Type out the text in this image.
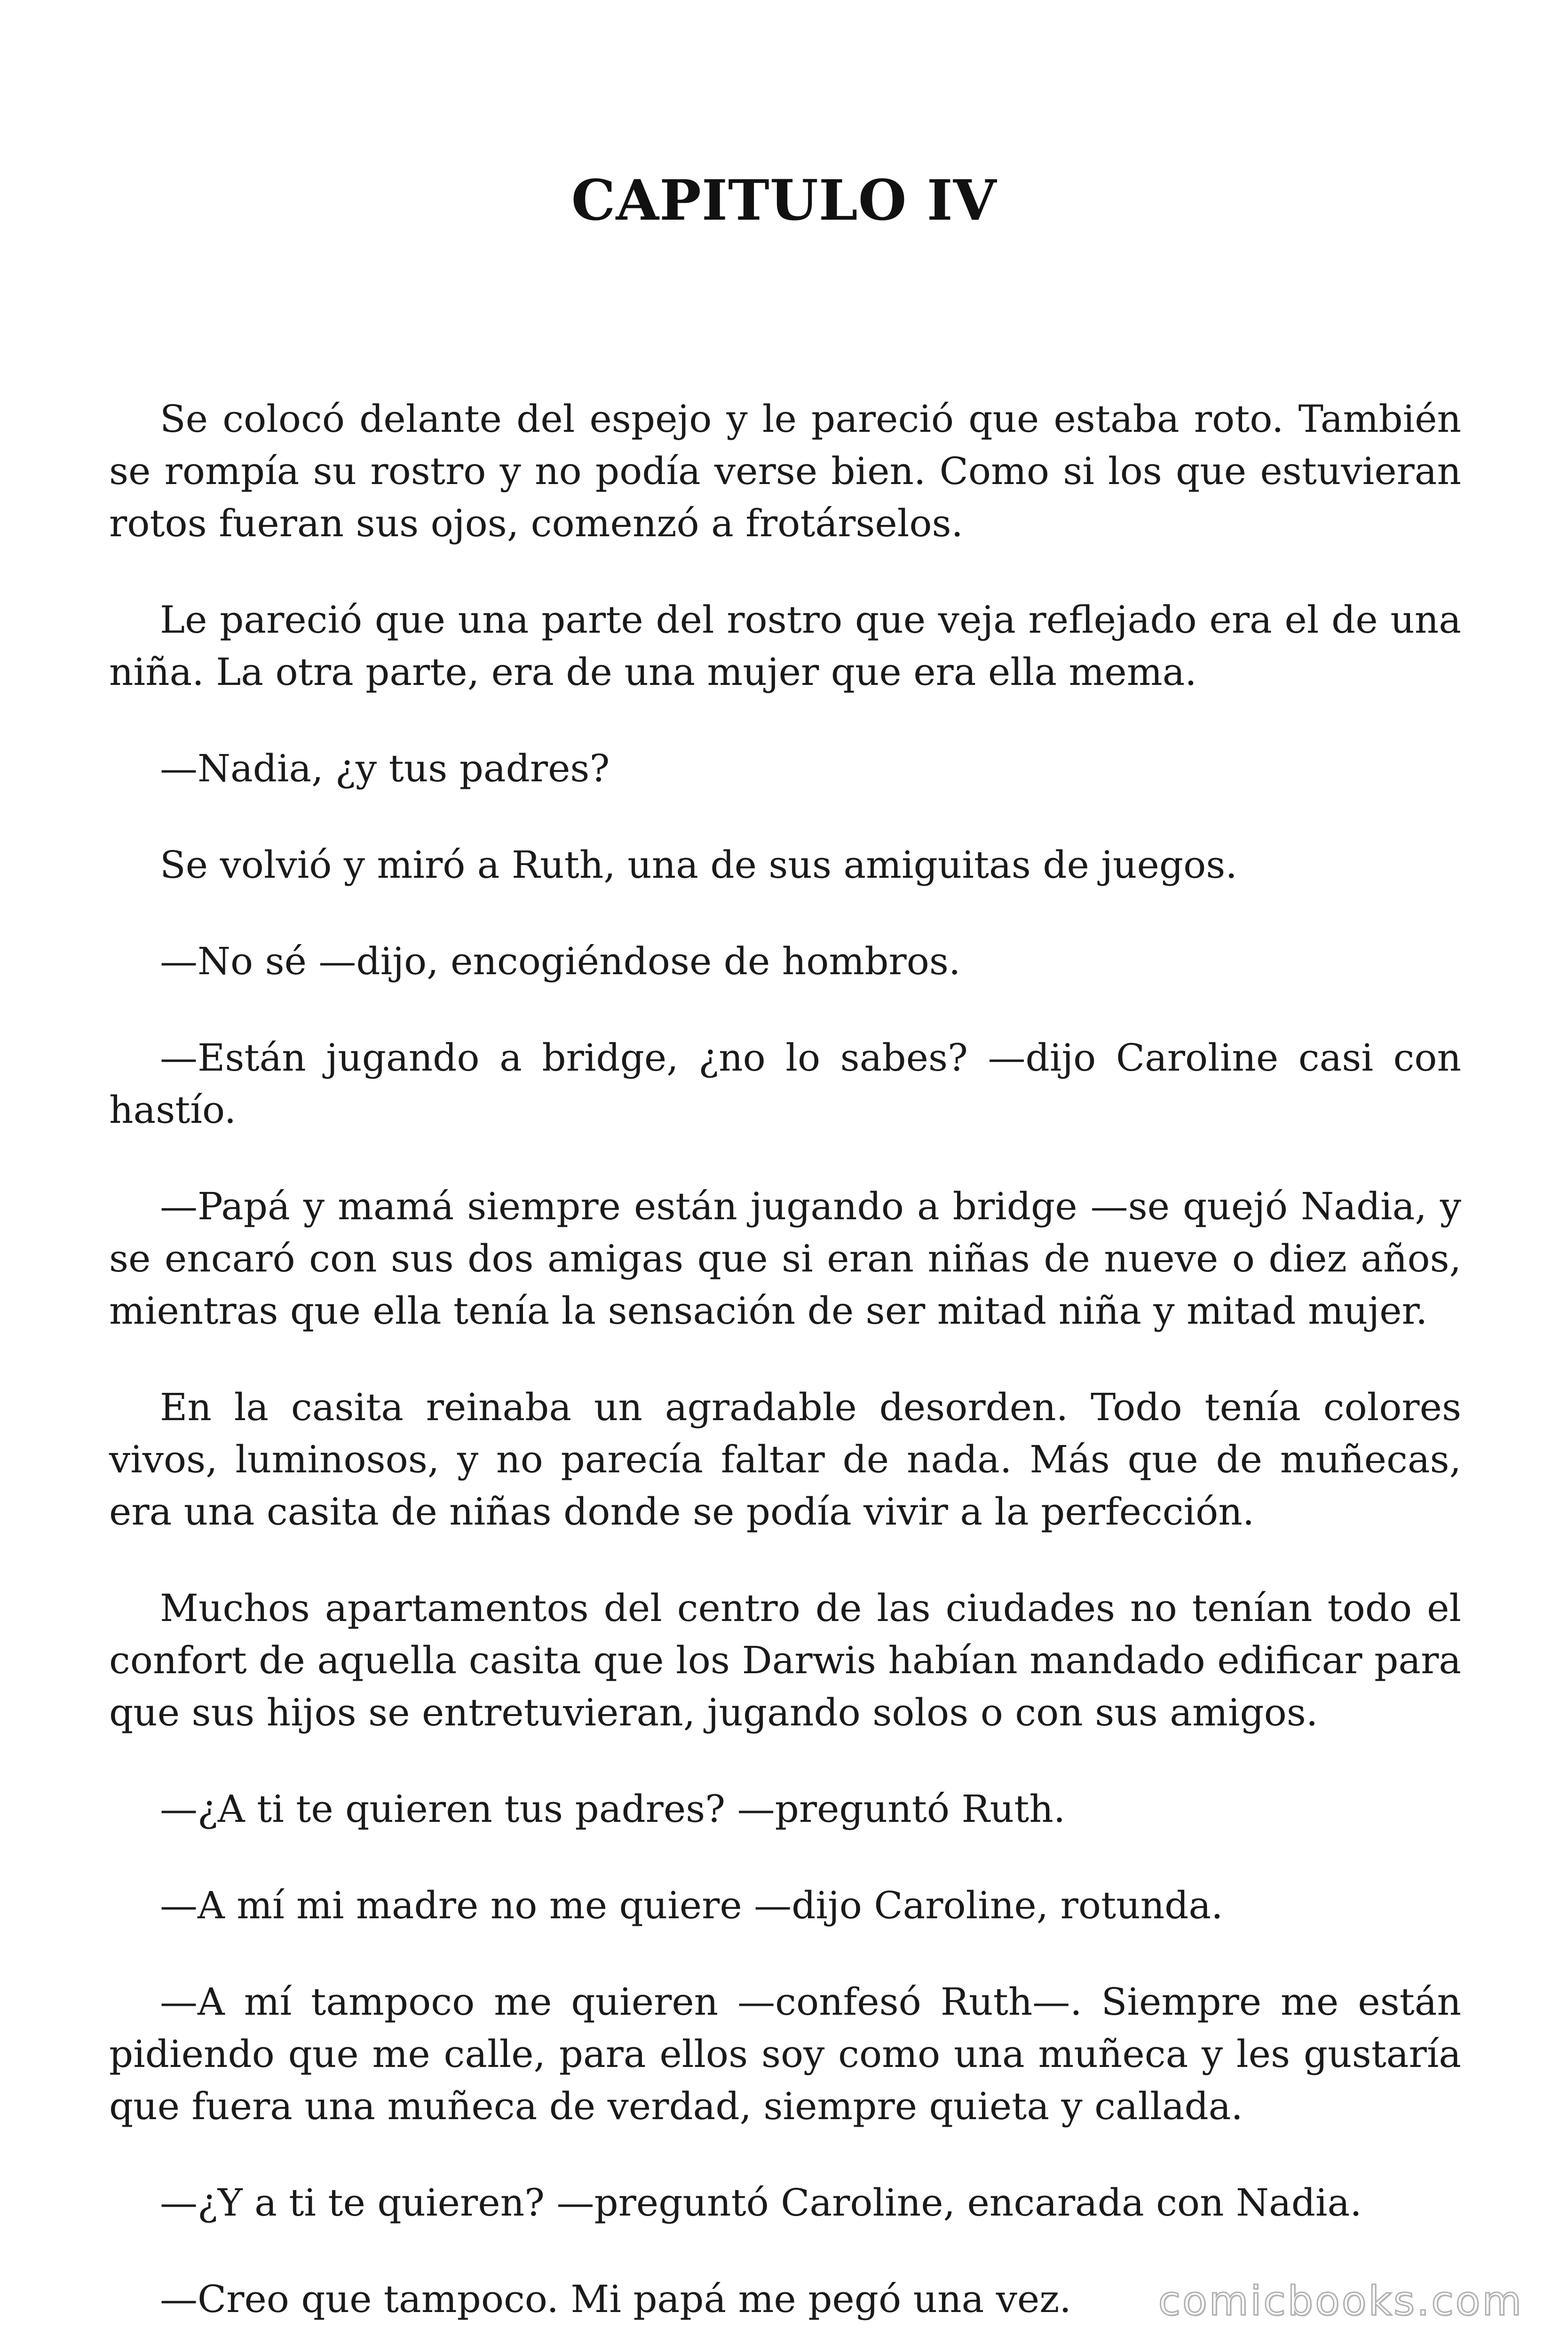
CAPITULO IV

Se colocó delante del espejo y le pareció que estaba roto. También se rompía su rostro y no podía verse bien. Como si los que estuvieran rotos fueran sus ojos, comenzó a frotárselos.

Le pareció que una parte del rostro que veja reflejado era el de una niña. La otra parte, era de una mujer que era ella mema.

—Nadia, ¿y tus padres?

Se volvió y miró a Ruth, una de sus amiguitas de juegos.

—No sé —dijo, encogiéndose de hombros.

—Están jugando a bridge, ¿no lo sabes? —dijo Caroline casi con hastío.

—Papá y mamá siempre están jugando a bridge —se quejó Nadia, y se encaró con sus dos amigas que si eran niñas de nueve o diez años, mientras que ella tenía la sensación de ser mitad niña y mitad mujer.

En la casita reinaba un agradable desorden. Todo tenía colores vivos, luminosos, y no parecía faltar de nada. Más que de muñecas, era una casita de niñas donde se podía vivir a la perfección.

Muchos apartamentos del centro de las ciudades no tenían todo el confort de aquella casita que los Darwis habían mandado edificar para que sus hijos se entretuvieran, jugando solos o con sus amigos.

—¿A ti te quieren tus padres? —preguntó Ruth.

—A mí mi madre no me quiere —dijo Caroline, rotunda.

—A mí tampoco me quieren —confesó Ruth—. Siempre me están pidiendo que me calle, para ellos soy como una muñeca y les gustaría que fuera una muñeca de verdad, siempre quieta y callada.

—¿Y a ti te quieren? —preguntó Caroline, encarada con Nadia.

—Creo que tampoco. Mi papá me pegó una vez.	comicbooks.com
